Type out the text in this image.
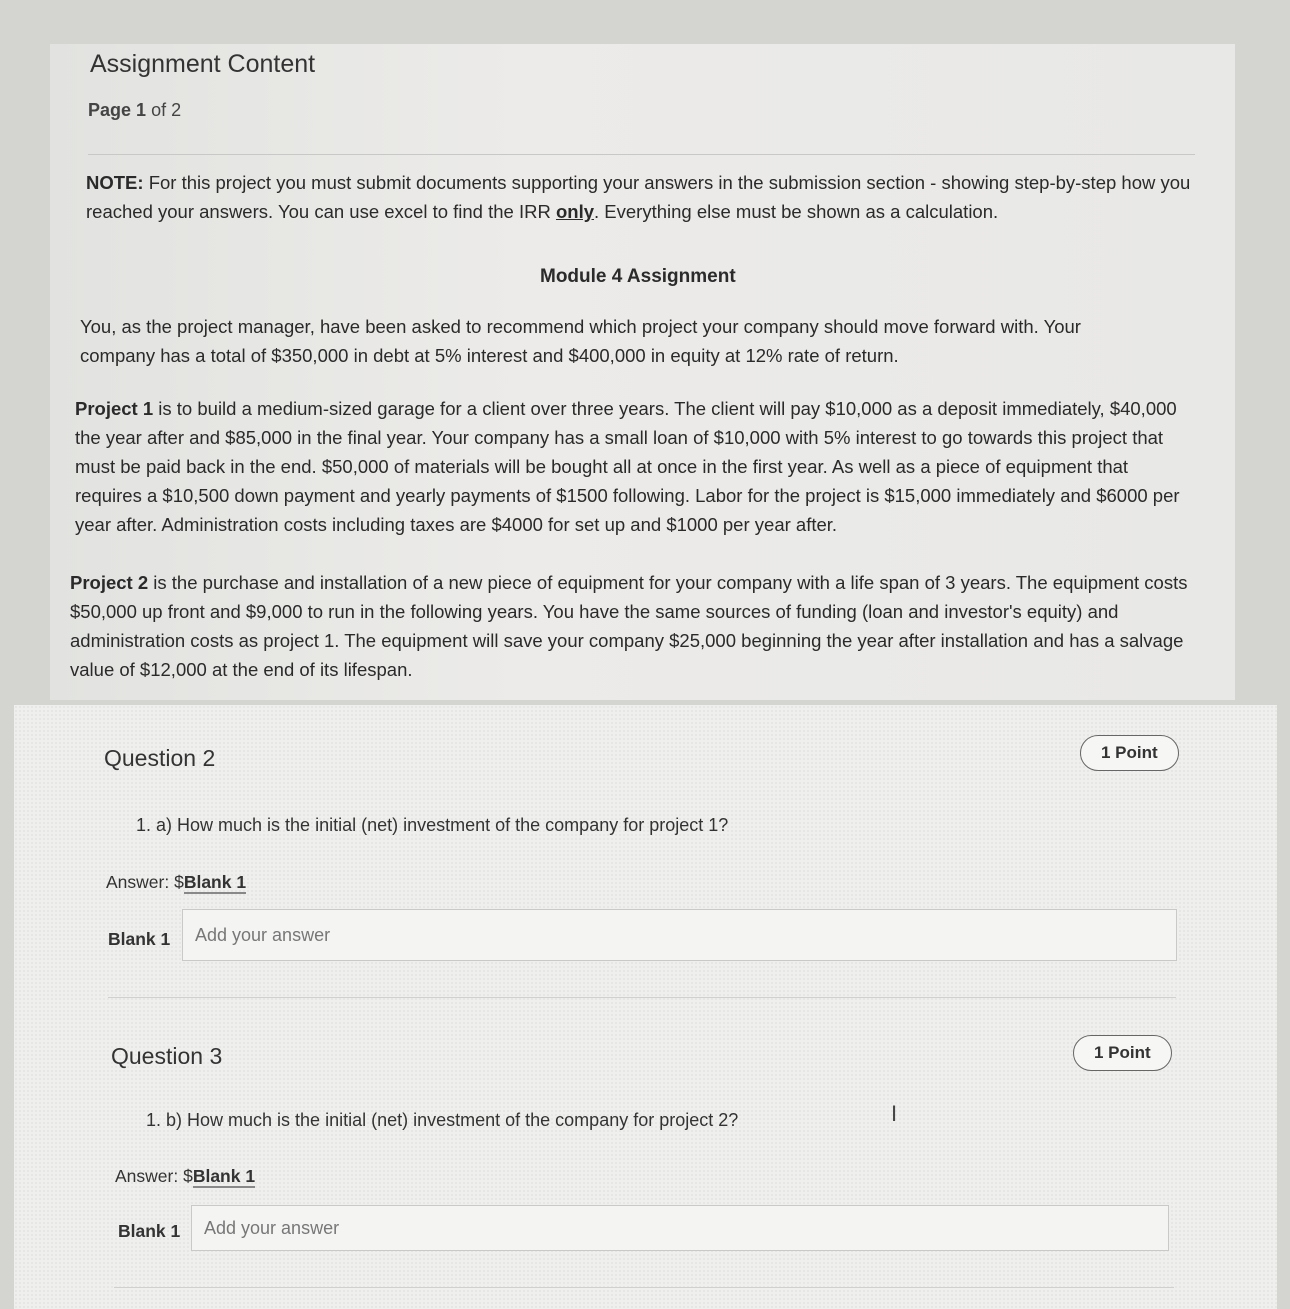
Assignment Content
Page 1 of 2
NOTE: For this project you must submit documents supporting your answers in the submission section - showing step-by-step how you reached your answers. You can use excel to find the IRR only. Everything else must be shown as a calculation.
Module 4 Assignment
You, as the project manager, have been asked to recommend which project your company should move forward with. Your company has a total of $350,000 in debt at 5% interest and $400,000 in equity at 12% rate of return.
Project 1 is to build a medium-sized garage for a client over three years. The client will pay $10,000 as a deposit immediately, $40,000 the year after and $85,000 in the final year. Your company has a small loan of $10,000 with 5% interest to go towards this project that must be paid back in the end. $50,000 of materials will be bought all at once in the first year. As well as a piece of equipment that requires a $10,500 down payment and yearly payments of $1500 following. Labor for the project is $15,000 immediately and $6000 per year after. Administration costs including taxes are $4000 for set up and $1000 per year after.
Project 2 is the purchase and installation of a new piece of equipment for your company with a life span of 3 years. The equipment costs $50,000 up front and $9,000 to run in the following years. You have the same sources of funding (loan and investor's equity) and administration costs as project 1. The equipment will save your company $25,000 beginning the year after installation and has a salvage value of $12,000 at the end of its lifespan.
Question 2	1 Point
1. a) How much is the initial (net) investment of the company for project 1?
Answer: $Blank 1
Blank 1	Add your answer
Question 3	1 Point
1. b) How much is the initial (net) investment of the company for project 2?	I
Answer: $Blank 1
Blank 1	Add your answer
